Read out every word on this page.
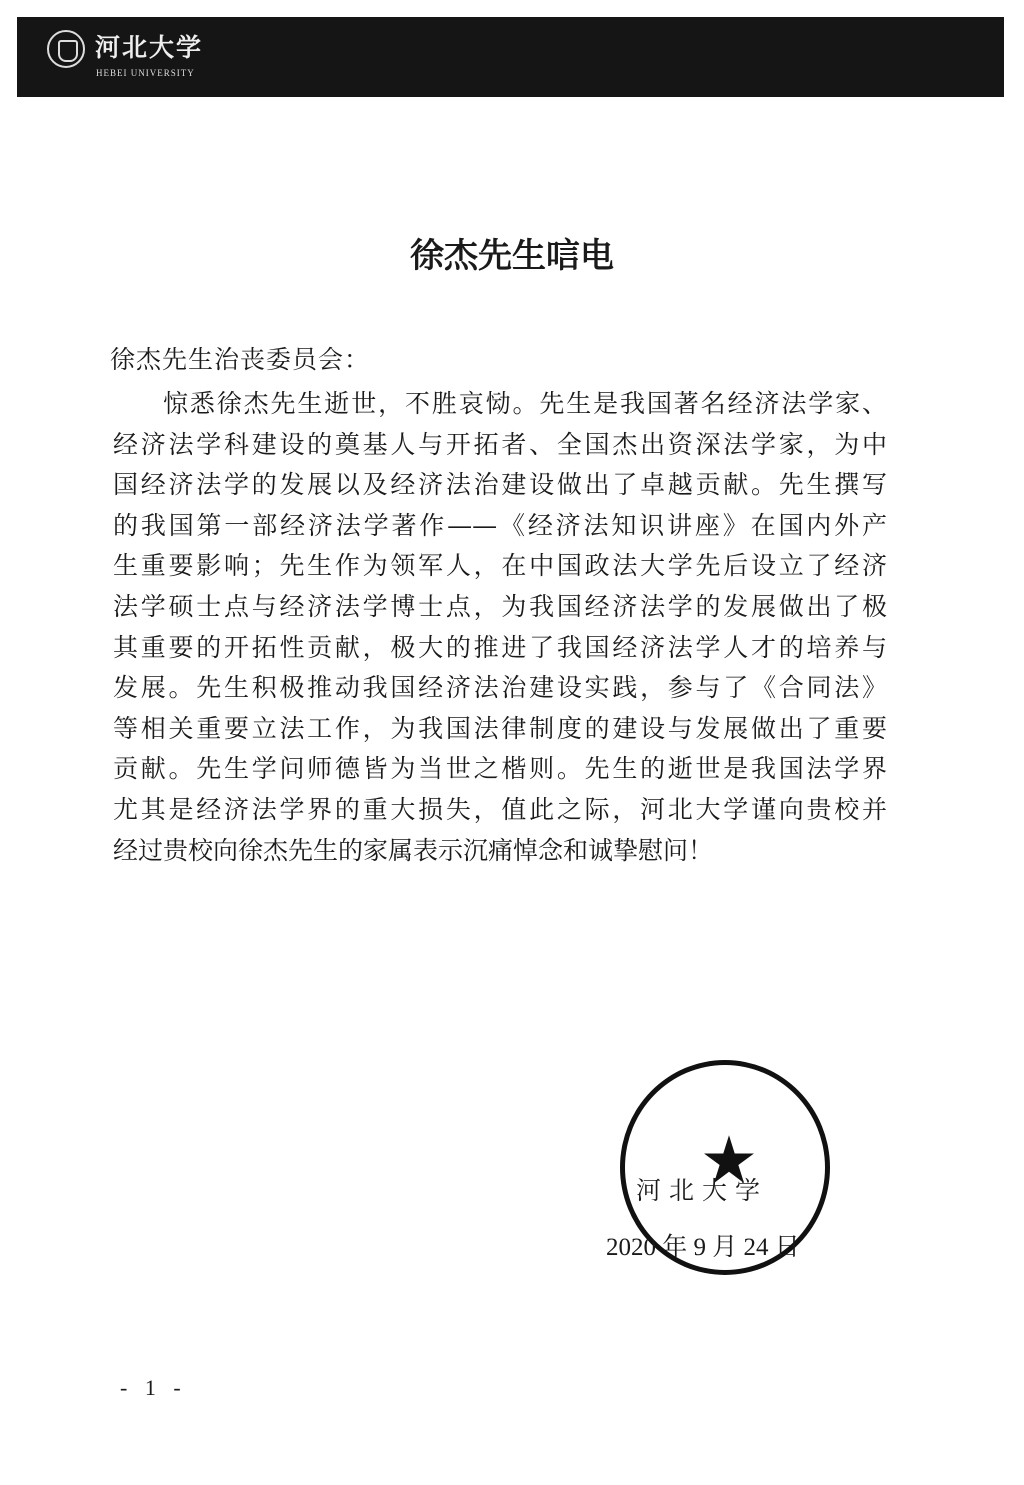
河北大学
HEBEI UNIVERSITY
徐杰先生唁电
徐杰先生治丧委员会：
惊悉徐杰先生逝世，不胜哀恸。先生是我国著名经济法学家、
经济法学科建设的奠基人与开拓者、全国杰出资深法学家，为中
国经济法学的发展以及经济法治建设做出了卓越贡献。先生撰写
的我国第一部经济法学著作——《经济法知识讲座》在国内外产
生重要影响；先生作为领军人，在中国政法大学先后设立了经济
法学硕士点与经济法学博士点，为我国经济法学的发展做出了极
其重要的开拓性贡献，极大的推进了我国经济法学人才的培养与
发展。先生积极推动我国经济法治建设实践，参与了《合同法》
等相关重要立法工作，为我国法律制度的建设与发展做出了重要
贡献。先生学问师德皆为当世之楷则。先生的逝世是我国法学界
尤其是经济法学界的重大损失，值此之际，河北大学谨向贵校并
经过贵校向徐杰先生的家属表示沉痛悼念和诚挚慰问！
河北大学
2020 年 9 月 24 日
- 1 -
